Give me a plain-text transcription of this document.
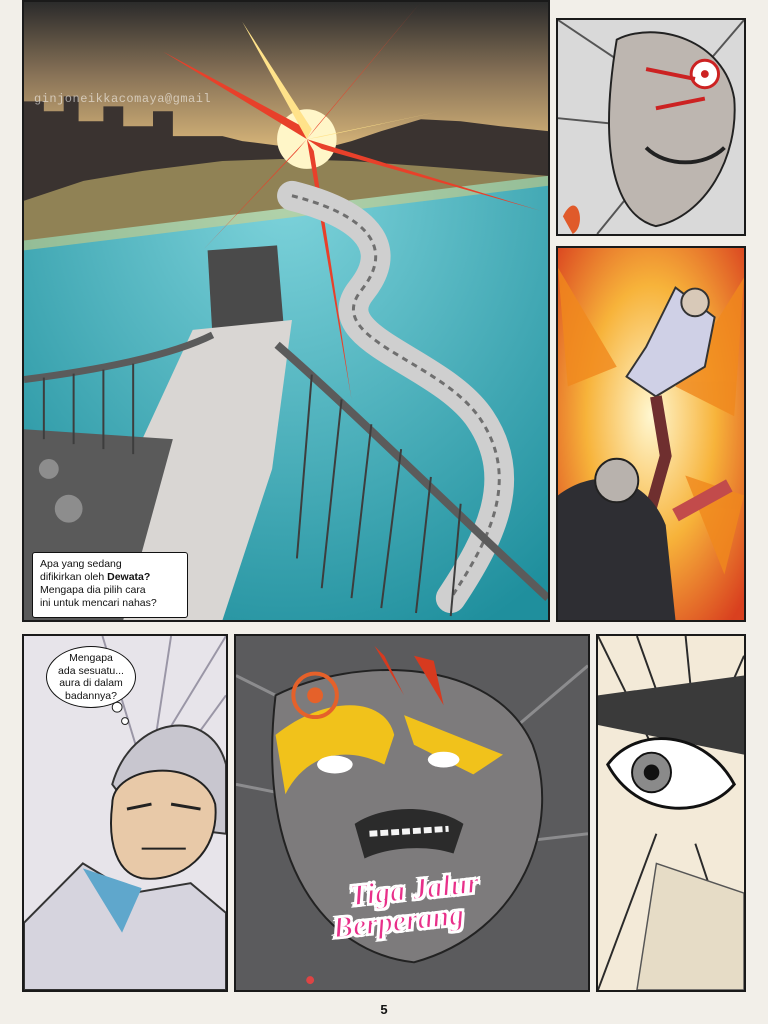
ginjoneikkacomaya@gmail
Apa yang sedang
difikirkan oleh Dewata?
Mengapa dia pilih cara
ini untuk mencari nahas?
Mengapa
ada sesuatu...
aura di dalam
badannya?
Tiga Jalur
Berperang
5
